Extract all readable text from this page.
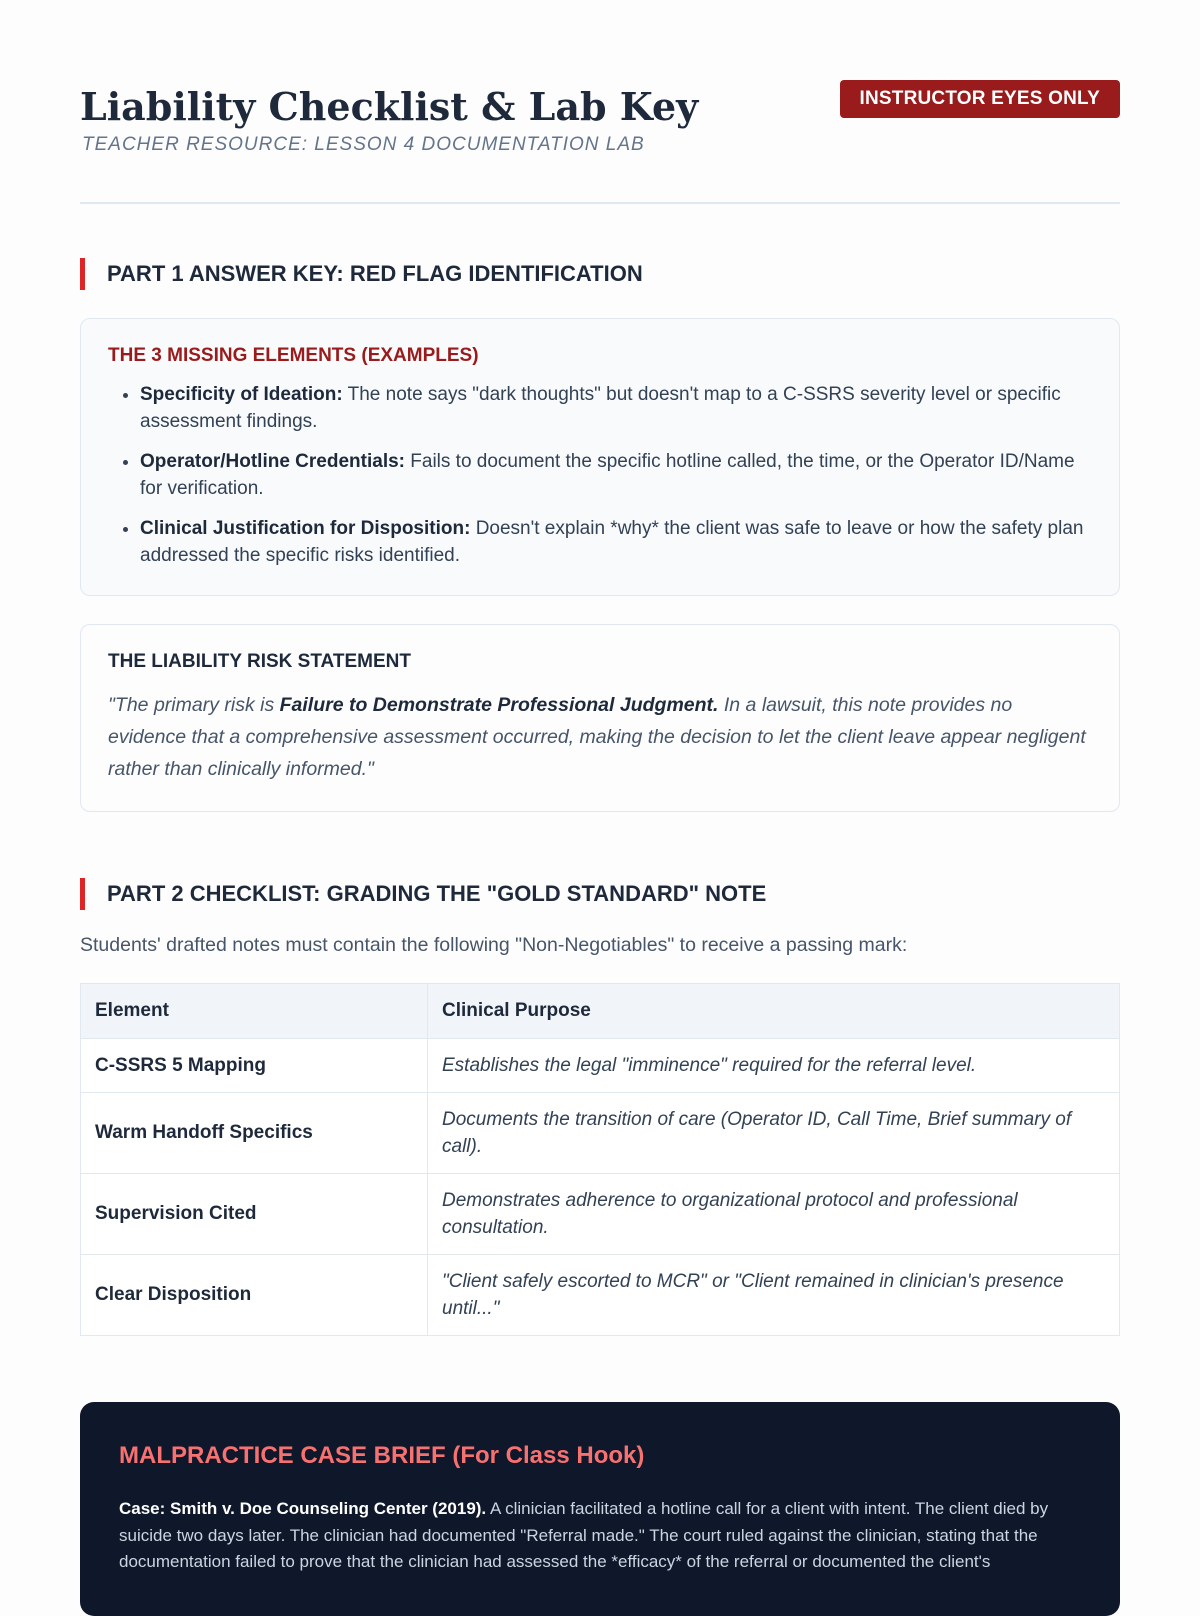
Liability Checklist & Lab Key
TEACHER RESOURCE: LESSON 4 DOCUMENTATION LAB
INSTRUCTOR EYES ONLY
PART 1 ANSWER KEY: RED FLAG IDENTIFICATION
THE 3 MISSING ELEMENTS (EXAMPLES)
• Specificity of Ideation: The note says "dark thoughts" but doesn't map to a C-SSRS severity level or specific assessment findings.
• Operator/Hotline Credentials: Fails to document the specific hotline called, the time, or the Operator ID/Name for verification.
• Clinical Justification for Disposition: Doesn't explain *why* the client was safe to leave or how the safety plan addressed the specific risks identified.
THE LIABILITY RISK STATEMENT
"The primary risk is Failure to Demonstrate Professional Judgment. In a lawsuit, this note provides no evidence that a comprehensive assessment occurred, making the decision to let the client leave appear negligent rather than clinically informed."
PART 2 CHECKLIST: GRADING THE "GOLD STANDARD" NOTE
Students' drafted notes must contain the following "Non-Negotiables" to receive a passing mark:
Element	Clinical Purpose
C-SSRS 5 Mapping	Establishes the legal "imminence" required for the referral level.
Warm Handoff Specifics	Documents the transition of care (Operator ID, Call Time, Brief summary of call).
Supervision Cited	Demonstrates adherence to organizational protocol and professional consultation.
Clear Disposition	"Client safely escorted to MCR" or "Client remained in clinician's presence until..."
MALPRACTICE CASE BRIEF (For Class Hook)
Case: Smith v. Doe Counseling Center (2019). A clinician facilitated a hotline call for a client with intent. The client died by suicide two days later. The clinician had documented "Referral made." The court ruled against the clinician, stating that the documentation failed to prove that the clinician had assessed the *efficacy* of the referral or documented the client's
